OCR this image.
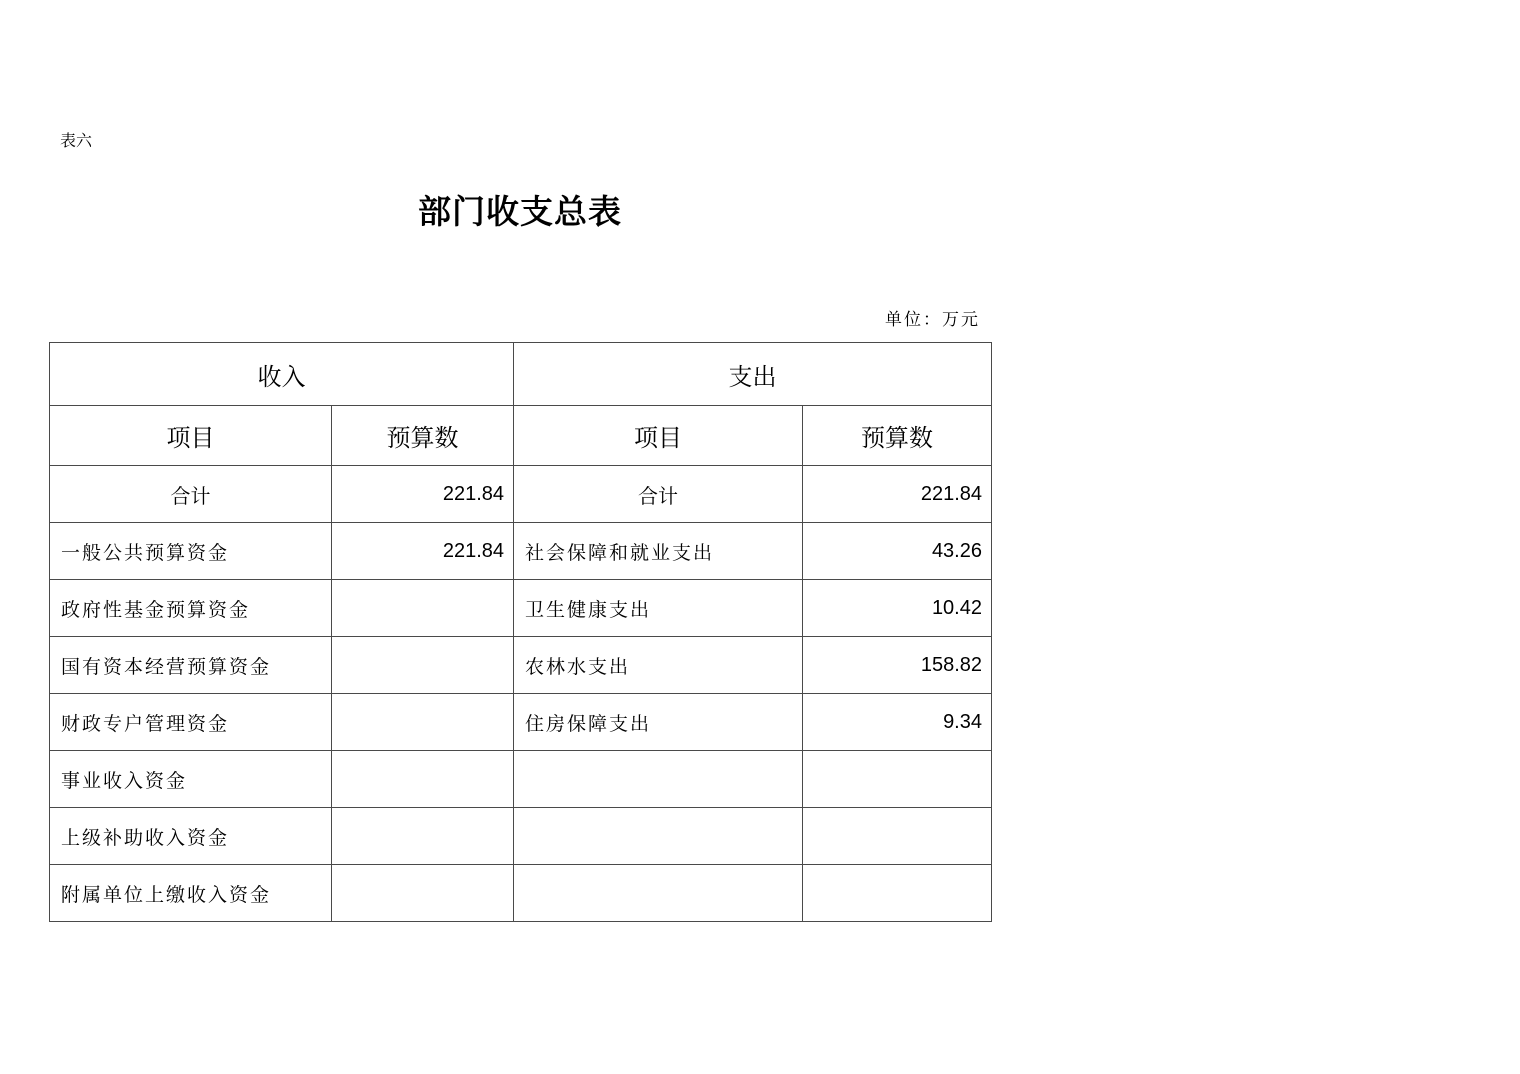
表六
部门收支总表
单位：万元
收入		支出	
项目	预算数	项目	预算数
合计	221.84	合计	221.84
一般公共预算资金	221.84	社会保障和就业支出	43.26
政府性基金预算资金		卫生健康支出	10.42
国有资本经营预算资金		农林水支出	158.82
财政专户管理资金		住房保障支出	9.34
事业收入资金			
上级补助收入资金			
附属单位上缴收入资金			
